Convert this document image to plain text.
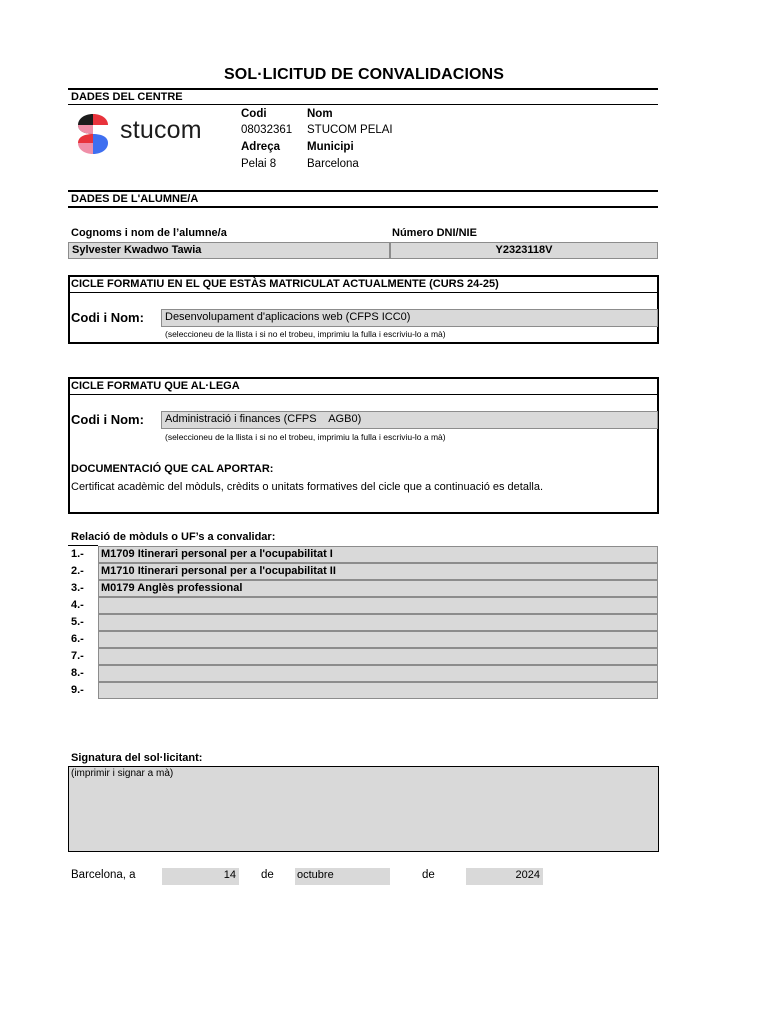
SOL·LICITUD DE CONVALIDACIONS
DADES DEL CENTRE
stucom
Codi	Nom
08032361 STUCOM PELAI
Adreça Municipi
Pelai 8	Barcelona
DADES DE L'ALUMNE/A
Cognoms i nom de l’alumne/a	Número DNI/NIE
Sylvester Kwadwo Tawia	Y2323118V
CICLE FORMATIU EN EL QUE ESTÀS MATRICULAT ACTUALMENTE (CURS 24-25)
Codi i Nom:	Desenvolupament d'aplicacions web (CFPS ICC0)
(seleccioneu de la llista i si no el trobeu, imprimiu la fulla i escriviu-lo a mà)
CICLE FORMATU QUE AL·LEGA
Codi i Nom:	Administració i finances (CFPS    AGB0)
(seleccioneu de la llista i si no el trobeu, imprimiu la fulla i escriviu-lo a mà)
DOCUMENTACIÓ QUE CAL APORTAR:
Certificat acadèmic del mòduls, crèdits o unitats formatives del cicle que a continuació es detalla.
Relació de mòduls o UF’s a convalidar:
1.- M1709 Itinerari personal per a l'ocupabilitat I
2.- M1710 Itinerari personal per a l'ocupabilitat II
3.- M0179 Anglès professional
4.-
5.-
6.-
7.-
8.-
9.-
Signatura del sol·licitant:
(imprimir i signar a mà)
Barcelona, a	14 de octubre	de	2024
